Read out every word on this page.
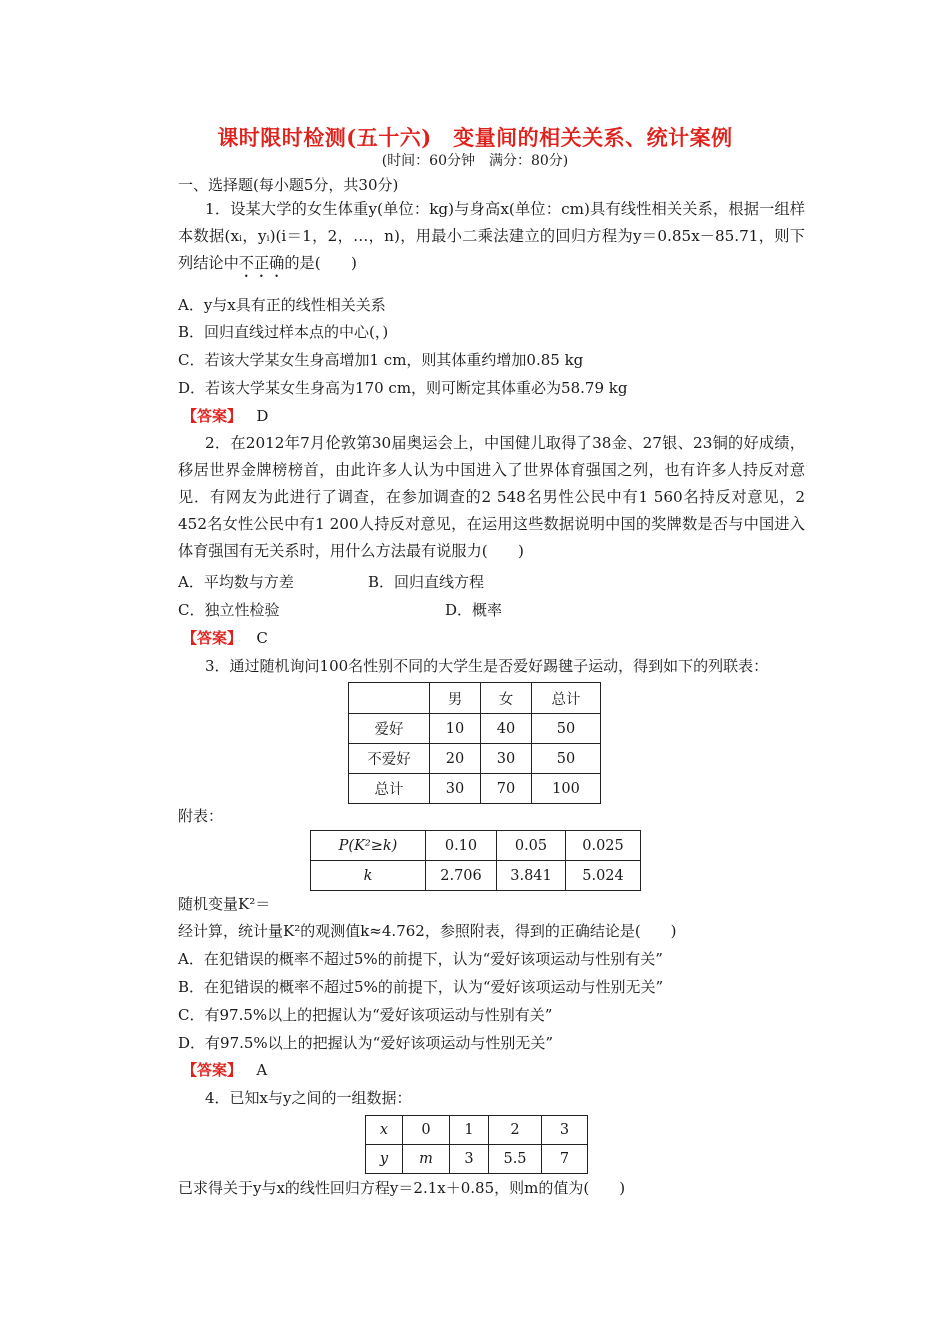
课时限时检测(五十六)　变量间的相关关系、统计案例
(时间：60分钟　满分：80分)
一、选择题(每小题5分，共30分)
1．设某大学的女生体重y(单位：kg)与身高x(单位：cm)具有线性相关关系，根据一组样本数据(xᵢ，yᵢ)(i＝1，2，…，n)，用最小二乘法建立的回归方程为y＝0.85x－85.71，则下列结论中不正确的是(　　)
A．y与x具有正的线性相关关系
B．回归直线过样本点的中心(，)
C．若该大学某女生身高增加1 cm，则其体重约增加0.85 kg
D．若该大学某女生身高为170 cm，则可断定其体重必为58.79 kg
【答案】 D
2．在2012年7月伦敦第30届奥运会上，中国健儿取得了38金、27银、23铜的好成绩，移居世界金牌榜榜首，由此许多人认为中国进入了世界体育强国之列，也有许多人持反对意见．有网友为此进行了调查，在参加调查的2 548名男性公民中有1 560名持反对意见，2 452名女性公民中有1 200人持反对意见，在运用这些数据说明中国的奖牌数是否与中国进入体育强国有无关系时，用什么方法最有说服力(　　)
A．平均数与方差	B．回归直线方程
C．独立性检验	D．概率
【答案】 C
3．通过随机询问100名性别不同的大学生是否爱好踢毽子运动，得到如下的列联表：
	男	女	总计
爱好	10	40	50
不爱好	20	30	50
总计	30	70	100
附表：
P(K²≥k)	0.10	0.05	0.025
k	2.706	3.841	5.024
随机变量K²＝
经计算，统计量K²的观测值k≈4.762，参照附表，得到的正确结论是(　　)
A．在犯错误的概率不超过5%的前提下，认为“爱好该项运动与性别有关”
B．在犯错误的概率不超过5%的前提下，认为“爱好该项运动与性别无关”
C．有97.5%以上的把握认为“爱好该项运动与性别有关”
D．有97.5%以上的把握认为“爱好该项运动与性别无关”
【答案】 A
4．已知x与y之间的一组数据：
x	0	1	2	3
y	m	3	5.5	7
已求得关于y与x的线性回归方程y＝2.1x＋0.85，则m的值为(　　)
